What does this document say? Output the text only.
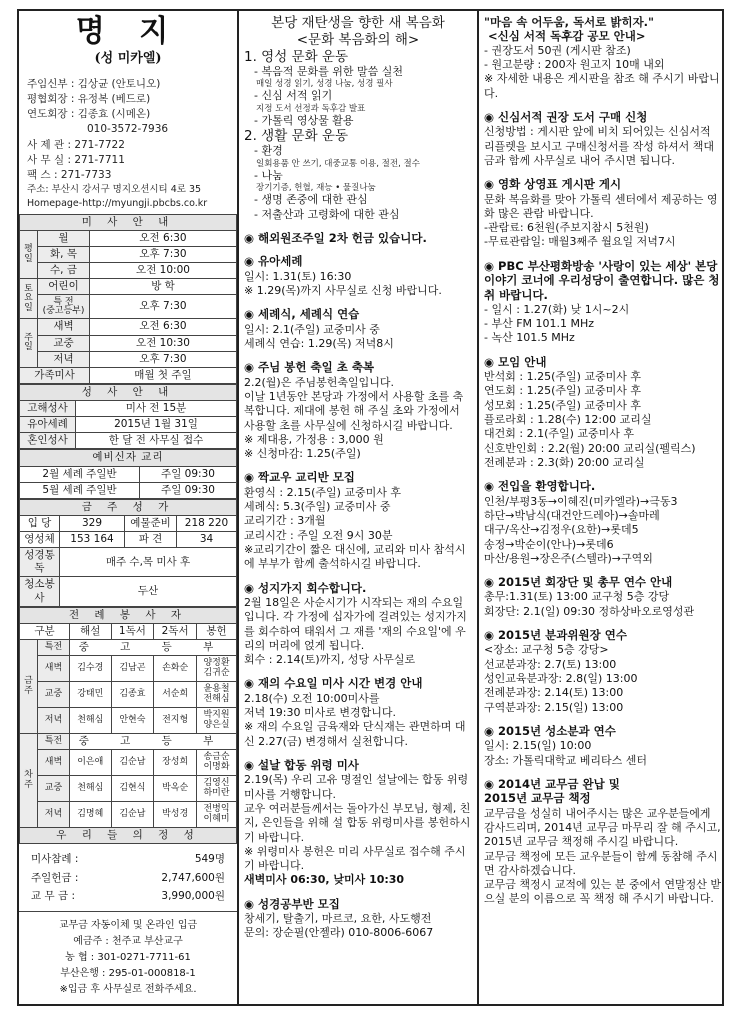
명 지
(성 미카엘)
주임신부 : 김상균 (안토니오)
평협회장 : 유정복 (베드로)
연도회장 : 김종효 (시메온)
010-3572-7936
사 제 관 : 271-7722
사 무 실 : 271-7711
팩 스 : 271-7733
주소: 부산시 강서구 명지오션시티 4로 35
Homepage-http://myungji.pbcbs.co.kr
미 사 안 내		
평일	월	오전 6:30
	화, 목	오후 7:30
	수, 금	오전 10:00
토요일	어린이	방 학
	특 전
(중고등부)	오후 7:30
주일	새벽	오전 6:30
	교중	오전 10:30
	저녁	오후 7:30
가족미사		매월 첫 주일
성 사 안 내	
고해성사	미사 전 15분
유아세례	2015년 1월 31일
혼인성사	한 달 전 사무실 접수
예비신자 교리	
2월 세례 주일반	주일 09:30
5월 세례 주일반	주일 09:30
금 주 성 가			
입 당	329	예물준비	218 220
영성체	153 164	파 견	34
성경통독	매주 수,목 미사 후		
청소봉사	두산		
전 례 봉 사 자					
구분		해설	1독서	2독서	봉헌
금주	특전	중 고 등 부			
	새벽	김수경	김남곤	손화순	양정환
김귀순
	교중	강태민	김종효	서순희	윤용철
전해심
	저녁	천해심	안현숙	전지형	박지원
양은실
차주	특전	중 고 등 부			
	새벽	이은애	김순남	장성희	송금순
이명화
	교중	천해심	김현식	박옥순	김영신
하미란
	저녁	김명혜	김순남	박성경	전병익
이혜미
우 리 들 의 정 성					
미사참례 :	549명
주일헌금 :	2,747,600원
교 무 금 :	3,990,000원
교무금 자동이체 및 온라인 입금
예금주 : 천주교 부산교구
농 협 : 301-0271-7711-61
부산은행 : 295-01-000818-1
※입금 후 사무실로 전화주세요.
본당 재탄생을 향한 새 복음화
<문화 복음화의 해>
1. 영성 문화 운동
- 복음적 문화를 위한 말씀 실천
매일 성경 읽기, 성경 나눔, 성경 필사
- 신심 서적 읽기
지정 도서 선정과 독후감 발표
- 가톨릭 영상물 활용
2. 생활 문화 운동
- 환경
일회용품 안 쓰기, 대중교통 이용, 절전, 절수
- 나눔
장기기증, 헌혈, 재능 • 물질나눔
- 생명 존중에 대한 관심
- 저출산과 고령화에 대한 관심
◉ 해외원조주일 2차 헌금 있습니다.
◉ 유아세례
일시: 1.31(토) 16:30
※ 1.29(목)까지 사무실로 신청 바랍니다.
◉ 세례식, 세례식 연습
일시: 2.1(주일) 교중미사 중
세례식 연습: 1.29(목) 저녁8시
◉ 주님 봉헌 축일 초 축복
2.2(월)은 주님봉헌축일입니다.
이날 1년동안 본당과 가정에서 사용할 초를 축복합니다. 제대에 봉헌 해 주실 초와 가정에서 사용할 초를 사무실에 신청하시길 바랍니다.
※ 제대용, 가정용 : 3,000 원
※ 신청마감: 1.25(주일)
◉ 짝교우 교리반 모집
환영식 : 2.15(주일) 교중미사 후
세례식: 5.3(주일) 교중미사 중
교리기간 : 3개월
교리시간 : 주일 오전 9시 30분
※교리기간이 짧은 대신에, 교리와 미사 참석시에 부부가 함께 출석하시길 바랍니다.
◉ 성지가지 회수합니다.
2월 18일은 사순시기가 시작되는 재의 수요일입니다. 각 가정에 십자가에 걸려있는 성지가지를 회수하여 태워서 그 재를 '재의 수요일'에 우리의 머리에 얹게 됩니다.
회수 : 2.14(토)까지, 성당 사무실로
◉ 재의 수요일 미사 시간 변경 안내
2.18(수) 오전 10:00미사를
저녁 19:30 미사로 변경합니다.
※ 재의 수요일 금육재와 단식재는 관면하며 대신 2.27(금) 변경해서 실천합니다.
◉ 설날 합동 위령 미사
2.19(목) 우리 고유 명절인 설날에는 합동 위령미사를 거행합니다.
교우 여러분들께서는 돌아가신 부모님, 형제, 친지, 은인들을 위해 설 합동 위령미사를 봉헌하시기 바랍니다.
※ 위령미사 봉헌은 미리 사무실로 접수해 주시기 바랍니다.
새벽미사 06:30, 낮미사 10:30
◉ 성경공부반 모집
창세기, 탈출기, 마르코, 요한, 사도행전
문의: 장순필(안젤라) 010-8006-6067
"마음 속 어두움, 독서로 밝히자."
<신심 서적 독후감 공모 안내>
- 권장도서 50권 (게시판 참조)
- 원고분량 : 200자 원고지 10매 내외
※ 자세한 내용은 게시판을 참조 해 주시기 바랍니다.
◉ 신심서적 권장 도서 구매 신청
신청방법 : 게시판 앞에 비치 되어있는 신심서적 리플렛을 보시고 구매신청서를 작성 하셔서 책대금과 함께 사무실로 내어 주시면 됩니다.
◉ 영화 상영표 게시판 게시
문화 복음화를 맞아 가톨릭 센터에서 제공하는 영화 많은 관람 바랍니다.
-관람료: 6천원(주보지참시 5천원)
-무료관람일: 매월3째주 월요일 저녁7시
◉ PBC 부산평화방송 '사랑이 있는 세상' 본당이야기 코너에 우리성당이 출연합니다. 많은 청취 바랍니다.
- 일시 : 1.27(화) 낮 1시~2시
- 부산 FM 101.1 MHz
- 녹산 101.5 MHz
◉ 모임 안내
반석회 : 1.25(주일) 교중미사 후
연도회 : 1.25(주일) 교중미사 후
성모회 : 1.25(주일) 교중미사 후
플로라회 : 1.28(수) 12:00 교리실
대건회 : 2.1(주일) 교중미사 후
신호반인회 : 2.2(월) 20:00 교리실(펠릭스)
전례분과 : 2.3(화) 20:00 교리실
◉ 전입을 환영합니다.
인천/부평3동→이혜진(미카엘라)→극동3
하단→박남식(대건안드레아)→솔마레
대구/옥산→김정우(요한)→롯데5
송정→박순이(안나)→롯데6
마산/용원→장은주(스텔라)→구역외
◉ 2015년 회장단 및 총무 연수 안내
총무:1.31(토) 13:00 교구청 5층 강당
회장단: 2.1(일) 09:30 정하상바오로영성관
◉ 2015년 분과위원장 연수
<장소: 교구청 5층 강당>
선교분과장: 2.7(토) 13:00
성인교육분과장: 2.8(일) 13:00
전례분과장: 2.14(토) 13:00
구역분과장: 2.15(일) 13:00
◉ 2015년 성소분과 연수
일시: 2.15(일) 10:00
장소: 가톨릭대학교 베리타스 센터
◉ 2014년 교무금 완납 및
2015년 교무금 책정
교무금을 성실히 내어주시는 많은 교우분들에게 감사드리며, 2014년 교무금 마무리 잘 해 주시고, 2015년 교무금 책정해 주시길 바랍니다.
교무금 책정에 모든 교우분들이 함께 동참해 주시면 감사하겠습니다.
교무금 책정시 교적에 있는 분 중에서 연말정산 받으실 분의 이름으로 꼭 책정 해 주시기 바랍니다.
